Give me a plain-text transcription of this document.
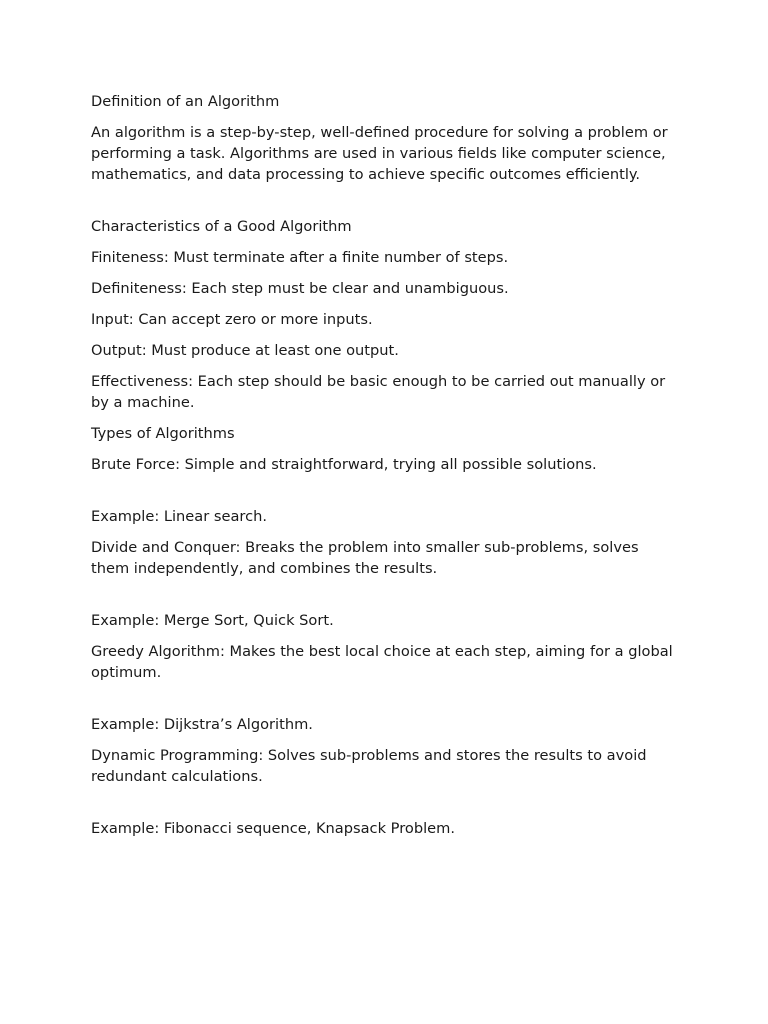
Definition of an Algorithm

An algorithm is a step-by-step, well-defined procedure for solving a problem or performing a task. Algorithms are used in various fields like computer science, mathematics, and data processing to achieve specific outcomes efficiently.

Characteristics of a Good Algorithm

Finiteness: Must terminate after a finite number of steps.

Definiteness: Each step must be clear and unambiguous.

Input: Can accept zero or more inputs.

Output: Must produce at least one output.

Effectiveness: Each step should be basic enough to be carried out manually or by a machine.

Types of Algorithms

Brute Force: Simple and straightforward, trying all possible solutions.

Example: Linear search.

Divide and Conquer: Breaks the problem into smaller sub-problems, solves them independently, and combines the results.

Example: Merge Sort, Quick Sort.

Greedy Algorithm: Makes the best local choice at each step, aiming for a global optimum.

Example: Dijkstra’s Algorithm.

Dynamic Programming: Solves sub-problems and stores the results to avoid redundant calculations.

Example: Fibonacci sequence, Knapsack Problem.
